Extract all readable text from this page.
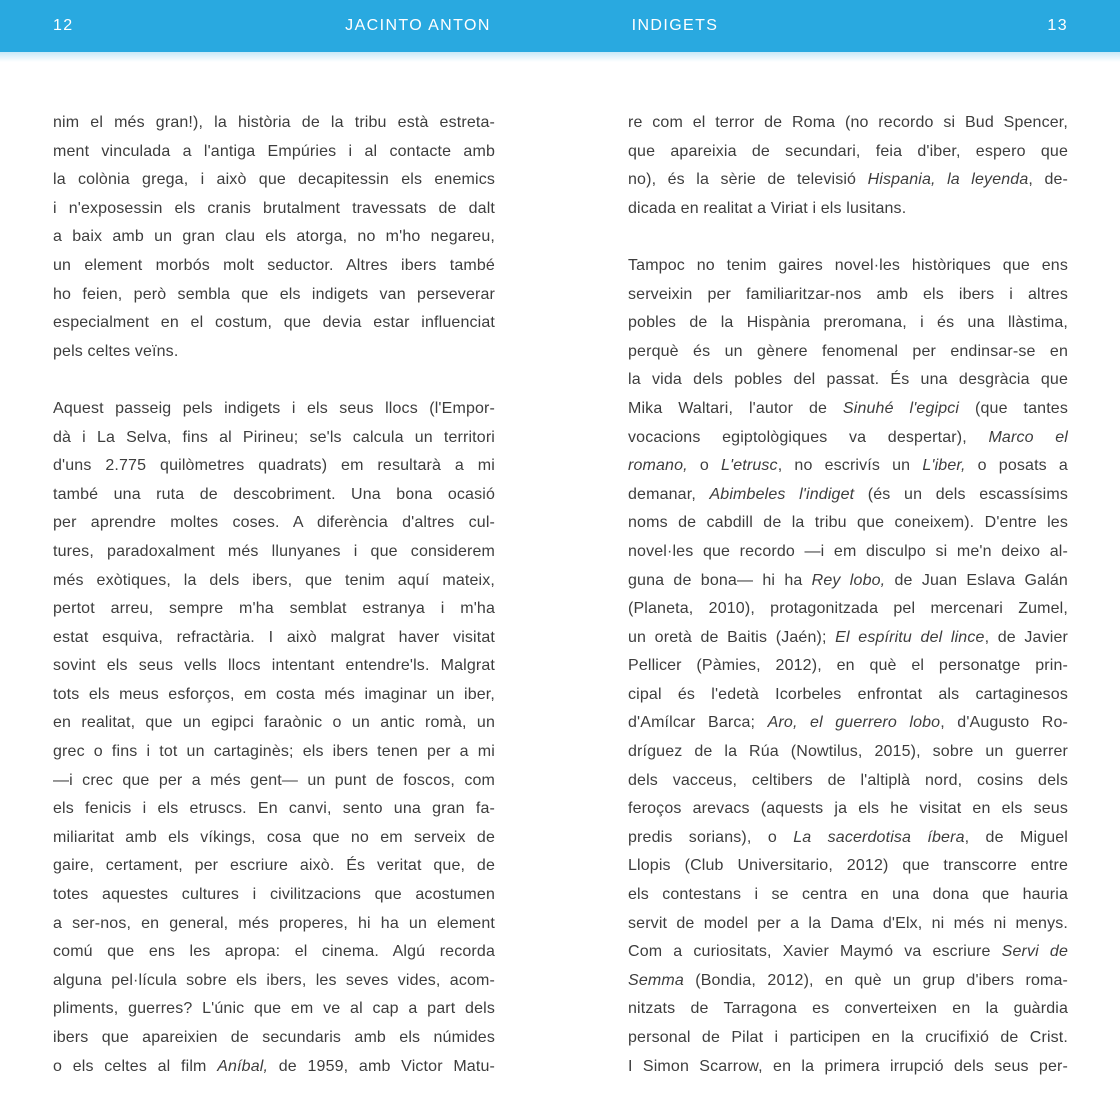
12	JACINTO ANTON	INDIGETS	13
nim el més gran!), la història de la tribu està estreta-
ment vinculada a l'antiga Empúries i al contacte amb
la colònia grega, i això que decapitessin els enemics
i n'exposessin els cranis brutalment travessats de dalt
a baix amb un gran clau els atorga, no m'ho negareu,
un element morbós molt seductor. Altres ibers també
ho feien, però sembla que els indigets van perseverar
especialment en el costum, que devia estar influenciat
pels celtes veïns.
Aquest passeig pels indigets i els seus llocs (l'Empor-
dà i La Selva, fins al Pirineu; se'ls calcula un territori
d'uns 2.775 quilòmetres quadrats) em resultarà a mi
també una ruta de descobriment. Una bona ocasió
per aprendre moltes coses. A diferència d'altres cul-
tures, paradoxalment més llunyanes i que considerem
més exòtiques, la dels ibers, que tenim aquí mateix,
pertot arreu, sempre m'ha semblat estranya i m'ha
estat esquiva, refractària. I això malgrat haver visitat
sovint els seus vells llocs intentant entendre'ls. Malgrat
tots els meus esforços, em costa més imaginar un iber,
en realitat, que un egipci faraònic o un antic romà, un
grec o fins i tot un cartaginès; els ibers tenen per a mi
—i crec que per a més gent— un punt de foscos, com
els fenicis i els etruscs. En canvi, sento una gran fa-
miliaritat amb els víkings, cosa que no em serveix de
gaire, certament, per escriure això. És veritat que, de
totes aquestes cultures i civilitzacions que acostumen
a ser-nos, en general, més properes, hi ha un element
comú que ens les apropa: el cinema. Algú recorda
alguna pel·lícula sobre els ibers, les seves vides, acom-
pliments, guerres? L'únic que em ve al cap a part dels
ibers que apareixien de secundaris amb els númides
o els celtes al film Aníbal, de 1959, amb Victor Matu-
re com el terror de Roma (no recordo si Bud Spencer,
que apareixia de secundari, feia d'iber, espero que
no), és la sèrie de televisió Hispania, la leyenda, de-
dicada en realitat a Viriat i els lusitans.
Tampoc no tenim gaires novel·les històriques que ens
serveixin per familiaritzar-nos amb els ibers i altres
pobles de la Hispània preromana, i és una llàstima,
perquè és un gènere fenomenal per endinsar-se en
la vida dels pobles del passat. És una desgràcia que
Mika Waltari, l'autor de Sinuhé l'egipci (que tantes
vocacions egiptològiques va despertar), Marco el
romano, o L'etrusc, no escrivís un L'iber, o posats a
demanar, Abimbeles l'indiget (és un dels escassísims
noms de cabdill de la tribu que coneixem). D'entre les
novel·les que recordo —i em disculpo si me'n deixo al-
guna de bona— hi ha Rey lobo, de Juan Eslava Galán
(Planeta, 2010), protagonitzada pel mercenari Zumel,
un oretà de Baitis (Jaén); El espíritu del lince, de Javier
Pellicer (Pàmies, 2012), en què el personatge prin-
cipal és l'edetà Icorbeles enfrontat als cartaginesos
d'Amílcar Barca; Aro, el guerrero lobo, d'Augusto Ro-
dríguez de la Rúa (Nowtilus, 2015), sobre un guerrer
dels vacceus, celtibers de l'altiplà nord, cosins dels
feroços arevacs (aquests ja els he visitat en els seus
predis sorians), o La sacerdotisa íbera, de Miguel
Llopis (Club Universitario, 2012) que transcorre entre
els contestans i se centra en una dona que hauria
servit de model per a la Dama d'Elx, ni més ni menys.
Com a curiositats, Xavier Maymó va escriure Servi de
Semma (Bondia, 2012), en què un grup d'ibers roma-
nitzats de Tarragona es converteixen en la guàrdia
personal de Pilat i participen en la crucifixió de Crist.
I Simon Scarrow, en la primera irrupció dels seus per-
